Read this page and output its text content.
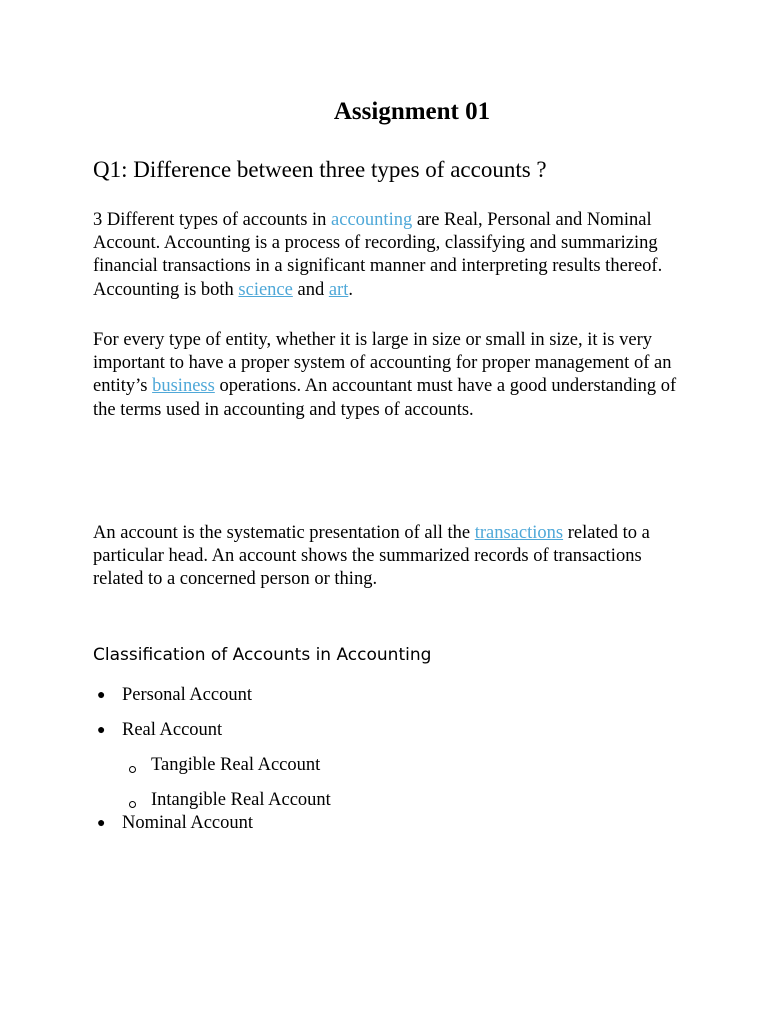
Assignment 01
Q1: Difference between three types of accounts ?

3 Different types of accounts in accounting are Real, Personal and Nominal Account. Accounting is a process of recording, classifying and summarizing financial transactions in a significant manner and interpreting results thereof. Accounting is both science and art.

For every type of entity, whether it is large in size or small in size, it is very important to have a proper system of accounting for proper management of an entity’s business operations. An accountant must have a good understanding of the terms used in accounting and types of accounts.

An account is the systematic presentation of all the transactions related to a particular head. An account shows the summarized records of transactions related to a concerned person or thing.

Classification of Accounts in Accounting
● Personal Account
● Real Account
Tangible Real Account
Intangible Real Account
● Nominal Account
